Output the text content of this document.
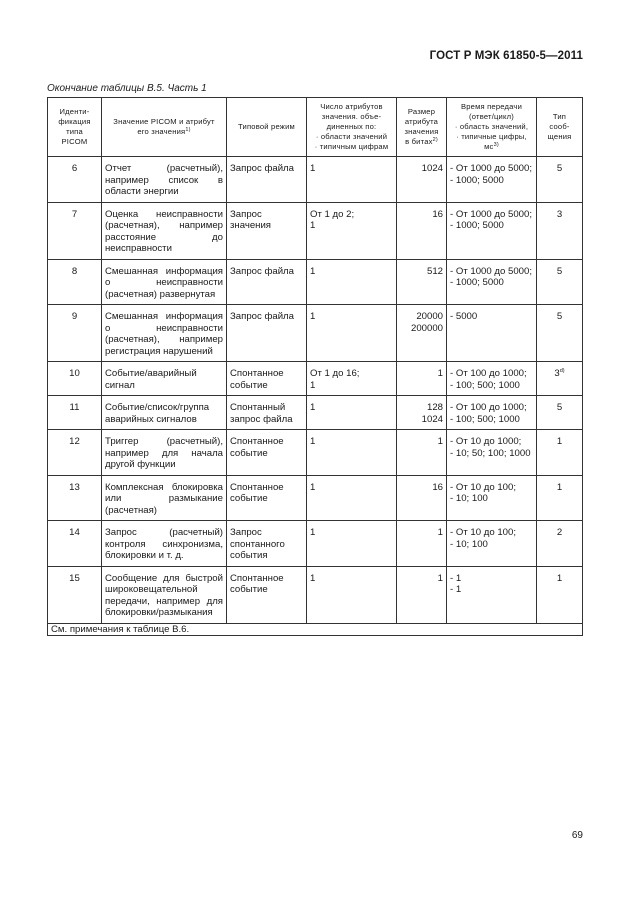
ГОСТ Р МЭК 61850-5—2011
Окончание таблицы В.5. Часть 1
Иденти-
фикация
типа
PICOM	Значение PICOM и атрибут
его значения$^{1)}$	Типовой режим	Число атрибутов
значения. объе-
диненных по:
· области значений
· типичным цифрам	Размер
атрибута
значения
в битах$^{2)}$	Время передачи
(ответ/цикл)
· область значений,
· типичные цифры, $мс^{3)}$	Тип
сооб-
щения

6	Отчет (расчетный), например список в области энергии	Запрос файла	1	1024	- От 1000 до 5000;
- 1000; 5000	5
7	Оценка неисправности (расчетная), например расстояние до неисправности	Запрос значения	От 1 до 2;
1	16	- От 1000 до 5000;
- 1000; 5000	3
8	Смешанная информация о неисправности (расчетная) развернутая	Запрос файла	1	512	- От 1000 до 5000;
- 1000; 5000	5
9	Смешанная информация о неисправности (расчетная), например регистрация нарушений	Запрос файла	1	20000
200000	- 5000	5
10	Событие/аварийный сигнал	Спонтанное событие	От 1 до 16;
1	1	- От 100 до 1000;
- 100; 500; 1000	3$^{d)}$
11	Событие/список/группа аварийных сигналов	Спонтанный запрос файла	1	128
1024	- От 100 до 1000;
- 100; 500; 1000	5
12	Триггер (расчетный), например для начала другой функции	Спонтанное событие	1	1	- От 10 до 1000;
- 10; 50; 100; 1000	1
13	Комплексная блокировка или размыкание (расчетная)	Спонтанное событие	1	16	- От 10 до 100;
- 10; 100	1
14	Запрос (расчетный) контроля синхронизма, блокировки и т. д.	Запрос спонтанного события	1	1	- От 10 до 100;
- 10; 100	2
15	Сообщение для быстрой широковещательной передачи, например для блокировки/размыкания	Спонтанное событие	1	1	- 1
- 1	1
См. примечания к таблице В.6.						
69
